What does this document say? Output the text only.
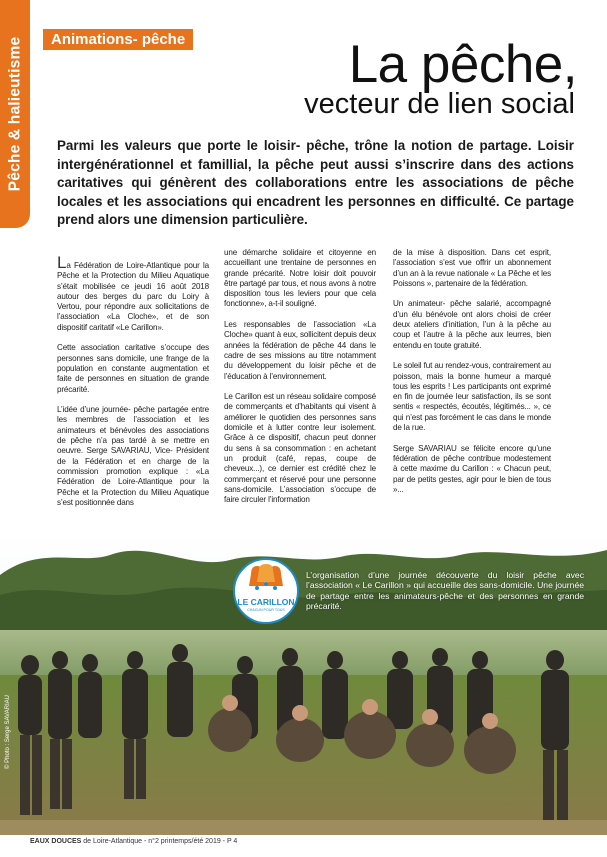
Pêche & halieutisme	Animations- pêche	La pêche,
vecteur de lien social
Parmi les valeurs que porte le loisir- pêche, trône la notion de partage. Loisir intergénérationnel et famillial, la pêche peut aussi s’inscrire dans des actions caritatives qui génèrent des collaborations entre les associations de pêche locales et les associations qui encadrent les personnes en difficulté. Ce partage prend alors une dimension particulière.

La Fédération de Loire-Atlantique pour la Pêche et la Protection du Milieu Aquatique s’était mobilisée ce jeudi 16 août 2018 autour des berges du parc du Loiry à Vertou, pour répondre aux sollicitations de l’association «La Cloche», et de son dispositif caritatif «Le Carillon».

Cette association caritative s’occupe des personnes sans domicile, une frange de la population en constante augmentation et faite de personnes en situation de grande précarité.

L’idée d’une journée- pêche partagée entre les membres de l’association et les animateurs et bénévoles des associations de pêche n’a pas tardé à se mettre en oeuvre. Serge SAVARIAU, Vice- Président de la Fédération et en charge de la commission promotion explique : «La Fédération de Loire-Atlantique pour la Pêche et la Protection du Milieu Aquatique s’est positionnée dans

une démarche solidaire et citoyenne en accueillant une trentaine de personnes en grande précarité. Notre loisir doit pouvoir être partagé par tous, et nous avons à notre disposition tous les leviers pour que cela fonctionne», a-t-il souligné.

Les responsables de l’association «La Cloche» quant à eux, sollicitent depuis deux années la fédération de pêche 44 dans le cadre de ses missions au titre notamment du développement du loisir pêche et de l’éducation à l’environnement.

Le Carillon est un réseau solidaire composé de commerçants et d’habitants qui visent à améliorer le quotidien des personnes sans domicile et à lutter contre leur isolement. Grâce à ce dispositif, chacun peut donner du sens à sa consommation : en achetant un produit (café, repas, coupe de cheveux...), ce dernier est crédité chez le commerçant et réservé pour une personne sans-domicile. L’association s’occupe de faire circuler l’information

de la mise à disposition. Dans cet esprit, l’association s’est vue offrir un abonnement d’un an à la revue nationale « La Pêche et les Poissons », partenaire de la fédération.

Un animateur- pêche salarié, accompagné d’un élu bénévole ont alors choisi de créer deux ateliers d’initiation, l’un à la pêche au coup et l’autre à la pêche aux leurres, bien entendu en toute gratuité.

Le soleil fut au rendez-vous, contrairement au poisson, mais la bonne humeur a marqué tous les esprits ! Les participants ont exprimé en fin de journée leur satisfaction, ils se sont sentis « respectés, écoutés, légitimés... », ce qui n’est pas forcément le cas dans le monde de la rue.

Serge SAVARIAU se félicite encore qu’une fédération de pêche contribue modestement à cette maxime du Carillon : « Chacun peut, par de petits gestes, agir pour le bien de tous »...

LE CARILLON
CHACUN POUR TOUS
L’organisation d’une journée découverte du loisir pêche avec l’association « Le Carillon » qui accueille des sans-domicile. Une journée de partage entre les animateurs-pêche et des personnes en grande précarité.
© Photo : Serge SAVARIAU
EAUX DOUCES de Loire-Atlantique - n°2 printemps/été 2019 - P 4
